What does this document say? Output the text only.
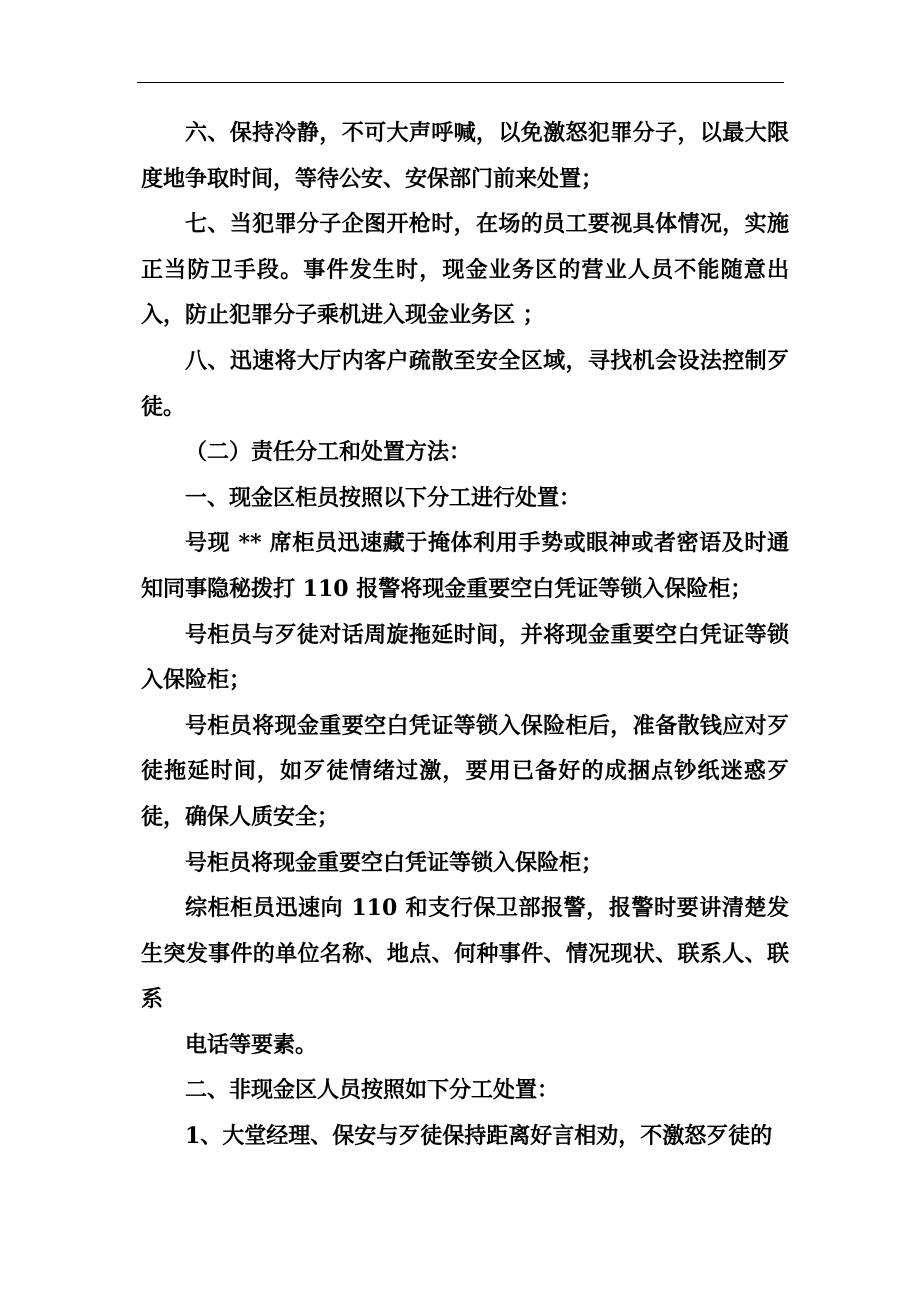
六、保持冷静，不可大声呼喊，以免激怒犯罪分子，以最大限度地争取时间，等待公安、安保部门前来处置；

七、当犯罪分子企图开枪时，在场的员工要视具体情况，实施正当防卫手段。事件发生时，现金业务区的营业人员不能随意出入，防止犯罪分子乘机进入现金业务区 ；

八、迅速将大厅内客户疏散至安全区域，寻找机会设法控制歹徒。

（二）责任分工和处置方法：

一、现金区柜员按照以下分工进行处置：

号现 ** 席柜员迅速藏于掩体利用手势或眼神或者密语及时通知同事隐秘拨打 110 报警将现金重要空白凭证等锁入保险柜；

号柜员与歹徒对话周旋拖延时间，并将现金重要空白凭证等锁入保险柜；

号柜员将现金重要空白凭证等锁入保险柜后，准备散钱应对歹徒拖延时间，如歹徒情绪过激，要用已备好的成捆点钞纸迷惑歹徒，确保人质安全；

号柜员将现金重要空白凭证等锁入保险柜；

综柜柜员迅速向 110 和支行保卫部报警，报警时要讲清楚发生突发事件的单位名称、地点、何种事件、情况现状、联系人、联系

电话等要素。

二、非现金区人员按照如下分工处置：

1、大堂经理、保安与歹徒保持距离好言相劝，不激怒歹徒的
